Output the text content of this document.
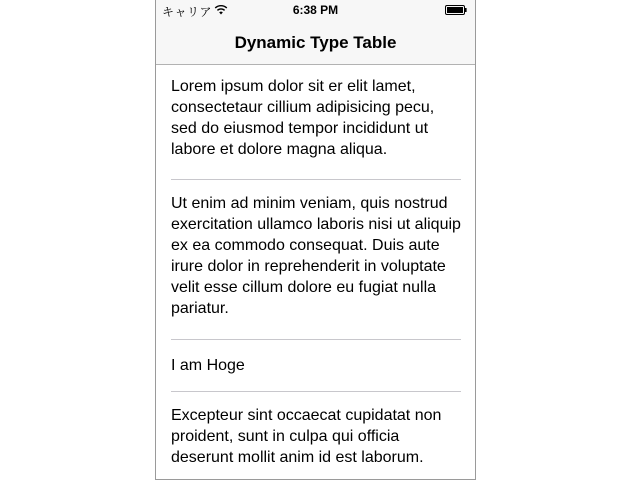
キャリア	6:38 PM
Dynamic Type Table
Lorem ipsum dolor sit er elit lamet, consectetaur cillium adipisicing pecu, sed do eiusmod tempor incididunt ut labore et dolore magna aliqua.
Ut enim ad minim veniam, quis nostrud exercitation ullamco laboris nisi ut aliquip ex ea commodo consequat. Duis aute irure dolor in reprehenderit in voluptate velit esse cillum dolore eu fugiat nulla pariatur.
I am Hoge
Excepteur sint occaecat cupidatat non proident, sunt in culpa qui officia deserunt mollit anim id est laborum.
